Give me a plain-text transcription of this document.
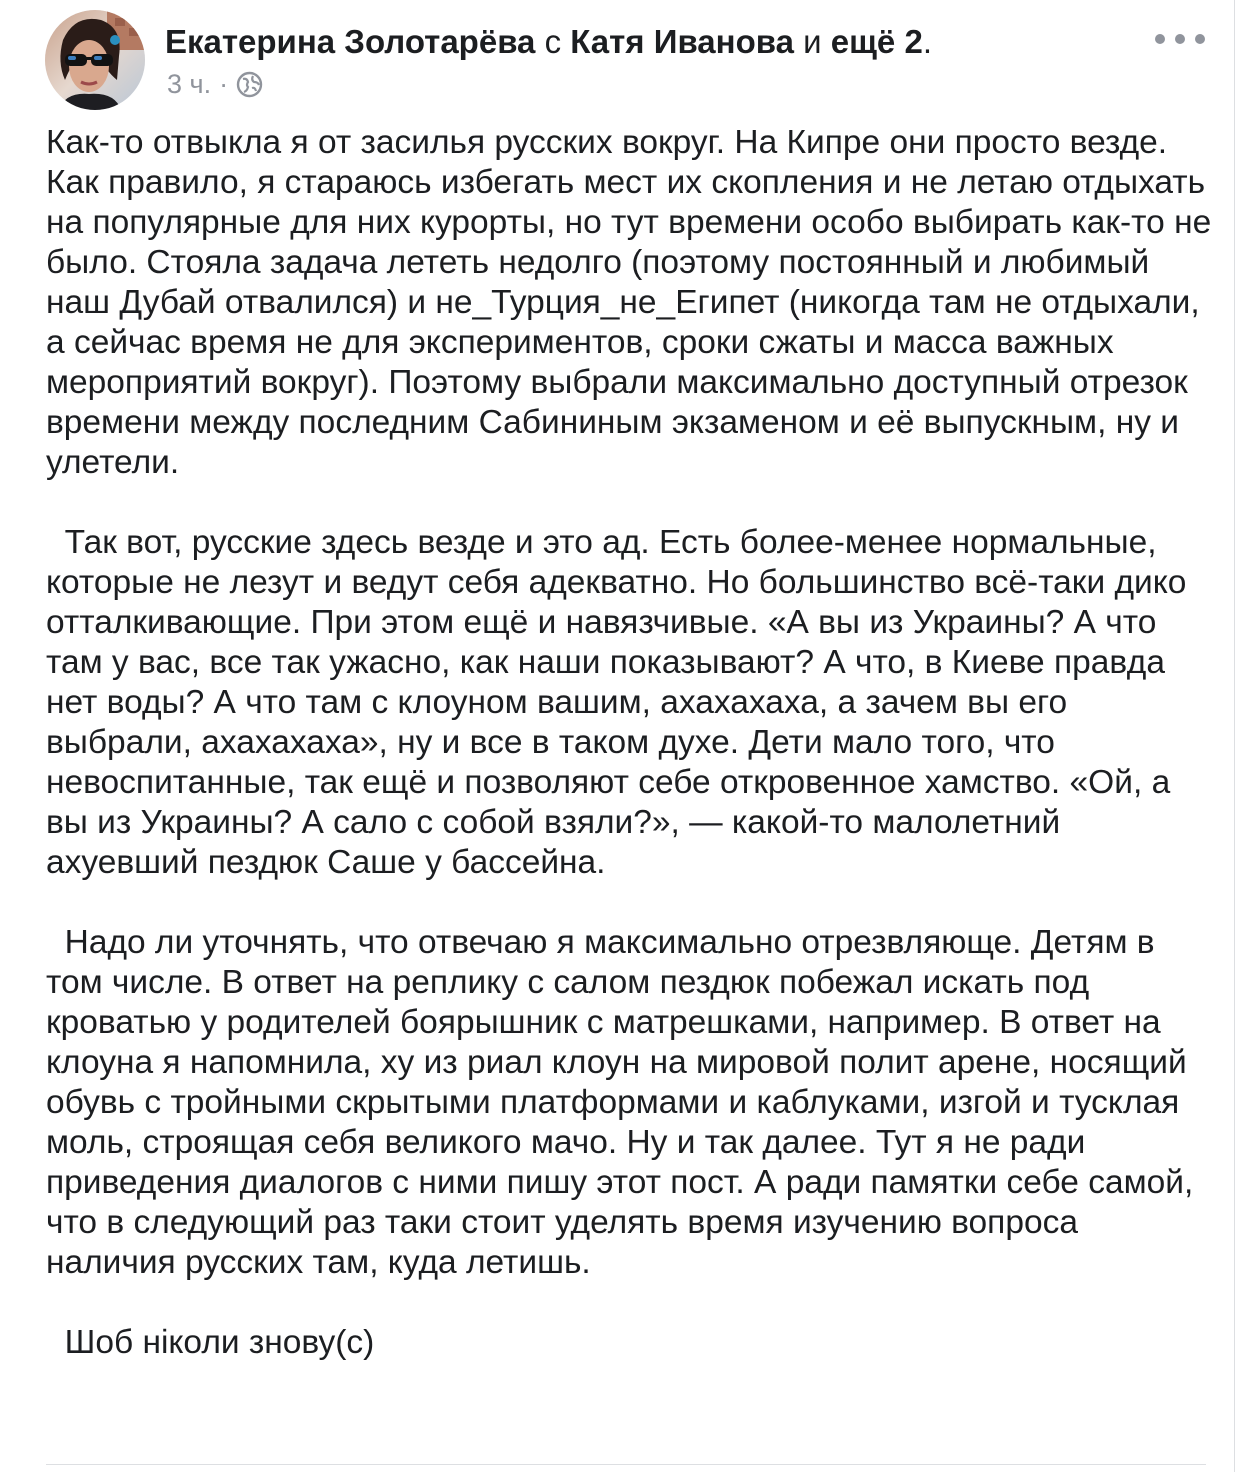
Екатерина Золотарёва с Катя Иванова и ещё 2.
3 ч. ·

Как-то отвыкла я от засилья русских вокруг. На Кипре они просто везде. Как правило, я стараюсь избегать мест их скопления и не летаю отдыхать на популярные для них курорты, но тут времени особо выбирать как-то не было. Стояла задача лететь недолго (поэтому постоянный и любимый наш Дубай отвалился) и не_Турция_не_Египет (никогда там не отдыхали, а сейчас время не для экспериментов, сроки сжаты и масса важных мероприятий вокруг). Поэтому выбрали максимально доступный отрезок времени между последним Сабининым экзаменом и её выпускным, ну и улетели.

Так вот, русские здесь везде и это ад. Есть более-менее нормальные, которые не лезут и ведут себя адекватно. Но большинство всё-таки дико отталкивающие. При этом ещё и навязчивые. «А вы из Украины? А что там у вас, все так ужасно, как наши показывают? А что, в Киеве правда нет воды? А что там с клоуном вашим, ахахахаха, а зачем вы его выбрали, ахахахаха», ну и все в таком духе. Дети мало того, что невоспитанные, так ещё и позволяют себе откровенное хамство. «Ой, а вы из Украины? А сало с собой взяли?», — какой-то малолетний ахуевший пездюк Саше у бассейна.

Надо ли уточнять, что отвечаю я максимально отрезвляюще. Детям в том числе. В ответ на реплику с салом пездюк побежал искать под кроватью у родителей боярышник с матрешками, например. В ответ на клоуна я напомнила, ху из риал клоун на мировой полит арене, носящий обувь с тройными скрытыми платформами и каблуками, изгой и тусклая моль, строящая себя великого мачо. Ну и так далее. Тут я не ради приведения диалогов с ними пишу этот пост. А ради памятки себе самой, что в следующий раз таки стоит уделять время изучению вопроса наличия русских там, куда летишь.

Шоб ніколи знову(с)
